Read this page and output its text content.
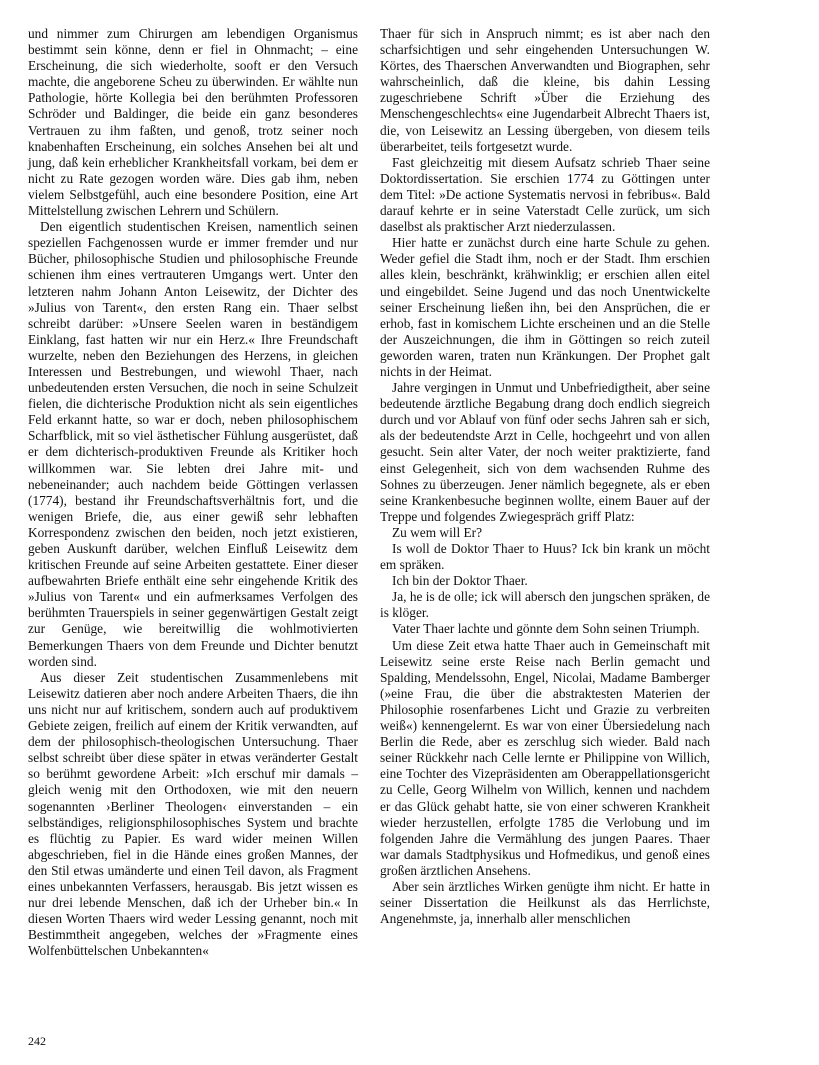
und nimmer zum Chirurgen am lebendigen Organismus bestimmt sein könne, denn er fiel in Ohnmacht; – eine Erscheinung, die sich wiederholte, sooft er den Versuch machte, die angeborene Scheu zu überwinden. Er wählte nun Pathologie, hörte Kollegia bei den berühmten Professoren Schröder und Baldinger, die beide ein ganz besonderes Vertrauen zu ihm faßten, und genoß, trotz seiner noch knabenhaften Erscheinung, ein solches Ansehen bei alt und jung, daß kein erheblicher Krankheitsfall vorkam, bei dem er nicht zu Rate gezogen worden wäre. Dies gab ihm, neben vielem Selbstgefühl, auch eine besondere Position, eine Art Mittelstellung zwischen Lehrern und Schülern.

Den eigentlich studentischen Kreisen, namentlich seinen speziellen Fachgenossen wurde er immer fremder und nur Bücher, philosophische Studien und philosophische Freunde schienen ihm eines vertrauteren Umgangs wert. Unter den letzteren nahm Johann Anton Leisewitz, der Dichter des »Julius von Tarent«, den ersten Rang ein. Thaer selbst schreibt darüber: »Unsere Seelen waren in beständigem Einklang, fast hatten wir nur ein Herz.« Ihre Freundschaft wurzelte, neben den Beziehungen des Herzens, in gleichen Interessen und Bestrebungen, und wiewohl Thaer, nach unbedeutenden ersten Versuchen, die noch in seine Schulzeit fielen, die dichterische Produktion nicht als sein eigentliches Feld erkannt hatte, so war er doch, neben philosophischem Scharfblick, mit so viel ästhetischer Fühlung ausgerüstet, daß er dem dichterisch-produktiven Freunde als Kritiker hoch willkommen war. Sie lebten drei Jahre mit- und nebeneinander; auch nachdem beide Göttingen verlassen (1774), bestand ihr Freundschaftsverhältnis fort, und die wenigen Briefe, die, aus einer gewiß sehr lebhaften Korrespondenz zwischen den beiden, noch jetzt existieren, geben Auskunft darüber, welchen Einfluß Leisewitz dem kritischen Freunde auf seine Arbeiten gestattete. Einer dieser aufbewahrten Briefe enthält eine sehr eingehende Kritik des »Julius von Tarent« und ein aufmerksames Verfolgen des berühmten Trauerspiels in seiner gegenwärtigen Gestalt zeigt zur Genüge, wie bereitwillig die wohlmotivierten Bemerkungen Thaers von dem Freunde und Dichter benutzt worden sind.

Aus dieser Zeit studentischen Zusammenlebens mit Leisewitz datieren aber noch andere Arbeiten Thaers, die ihn uns nicht nur auf kritischem, sondern auch auf produktivem Gebiete zeigen, freilich auf einem der Kritik verwandten, auf dem der philosophisch-theologischen Untersuchung. Thaer selbst schreibt über diese später in etwas veränderter Gestalt so berühmt gewordene Arbeit: »Ich erschuf mir damals – gleich wenig mit den Orthodoxen, wie mit den neuern sogenannten ›Berliner Theologen‹ einverstanden – ein selbständiges, religionsphilosophisches System und brachte es flüchtig zu Papier. Es ward wider meinen Willen abgeschrieben, fiel in die Hände eines großen Mannes, der den Stil etwas umänderte und einen Teil davon, als Fragment eines unbekannten Verfassers, herausgab. Bis jetzt wissen es nur drei lebende Menschen, daß ich der Urheber bin.« In diesen Worten Thaers wird weder Lessing genannt, noch mit Bestimmtheit angegeben, welches der »Fragmente eines Wolfenbüttelschen Unbekannten«

Thaer für sich in Anspruch nimmt; es ist aber nach den scharfsichtigen und sehr eingehenden Untersuchungen W. Körtes, des Thaerschen Anverwandten und Biographen, sehr wahrscheinlich, daß die kleine, bis dahin Lessing zugeschriebene Schrift »Über die Erziehung des Menschengeschlechts« eine Jugendarbeit Albrecht Thaers ist, die, von Leisewitz an Lessing übergeben, von diesem teils überarbeitet, teils fortgesetzt wurde.

Fast gleichzeitig mit diesem Aufsatz schrieb Thaer seine Doktordissertation. Sie erschien 1774 zu Göttingen unter dem Titel: »De actione Systematis nervosi in febribus«. Bald darauf kehrte er in seine Vaterstadt Celle zurück, um sich daselbst als praktischer Arzt niederzulassen.

Hier hatte er zunächst durch eine harte Schule zu gehen. Weder gefiel die Stadt ihm, noch er der Stadt. Ihm erschien alles klein, beschränkt, krähwinklig; er erschien allen eitel und eingebildet. Seine Jugend und das noch Unentwickelte seiner Erscheinung ließen ihn, bei den Ansprüchen, die er erhob, fast in komischem Lichte erscheinen und an die Stelle der Auszeichnungen, die ihm in Göttingen so reich zuteil geworden waren, traten nun Kränkungen. Der Prophet galt nichts in der Heimat.

Jahre vergingen in Unmut und Unbefriedigtheit, aber seine bedeutende ärztliche Begabung drang doch endlich siegreich durch und vor Ablauf von fünf oder sechs Jahren sah er sich, als der bedeutendste Arzt in Celle, hochgeehrt und von allen gesucht. Sein alter Vater, der noch weiter praktizierte, fand einst Gelegenheit, sich von dem wachsenden Ruhme des Sohnes zu überzeugen. Jener nämlich begegnete, als er eben seine Krankenbesuche beginnen wollte, einem Bauer auf der Treppe und folgendes Zwiegespräch griff Platz:

Zu wem will Er?

Is woll de Doktor Thaer to Huus? Ick bin krank un möcht em spräken.

Ich bin der Doktor Thaer.

Ja, he is de olle; ick will abersch den jungschen spräken, de is klöger.

Vater Thaer lachte und gönnte dem Sohn seinen Triumph.

Um diese Zeit etwa hatte Thaer auch in Gemeinschaft mit Leisewitz seine erste Reise nach Berlin gemacht und Spalding, Mendelssohn, Engel, Nicolai, Madame Bamberger (»eine Frau, die über die abstraktesten Materien der Philosophie rosenfarbenes Licht und Grazie zu verbreiten weiß«) kennengelernt. Es war von einer Übersiedelung nach Berlin die Rede, aber es zerschlug sich wieder. Bald nach seiner Rückkehr nach Celle lernte er Philippine von Willich, eine Tochter des Vizepräsidenten am Oberappellationsgericht zu Celle, Georg Wilhelm von Willich, kennen und nachdem er das Glück gehabt hatte, sie von einer schweren Krankheit wieder herzustellen, erfolgte 1785 die Verlobung und im folgenden Jahre die Vermählung des jungen Paares. Thaer war damals Stadtphysikus und Hofmedikus, und genoß eines großen ärztlichen Ansehens.

Aber sein ärztliches Wirken genügte ihm nicht. Er hatte in seiner Dissertation die Heilkunst als das Herrlichste, Angenehmste, ja, innerhalb aller menschlichen

242
